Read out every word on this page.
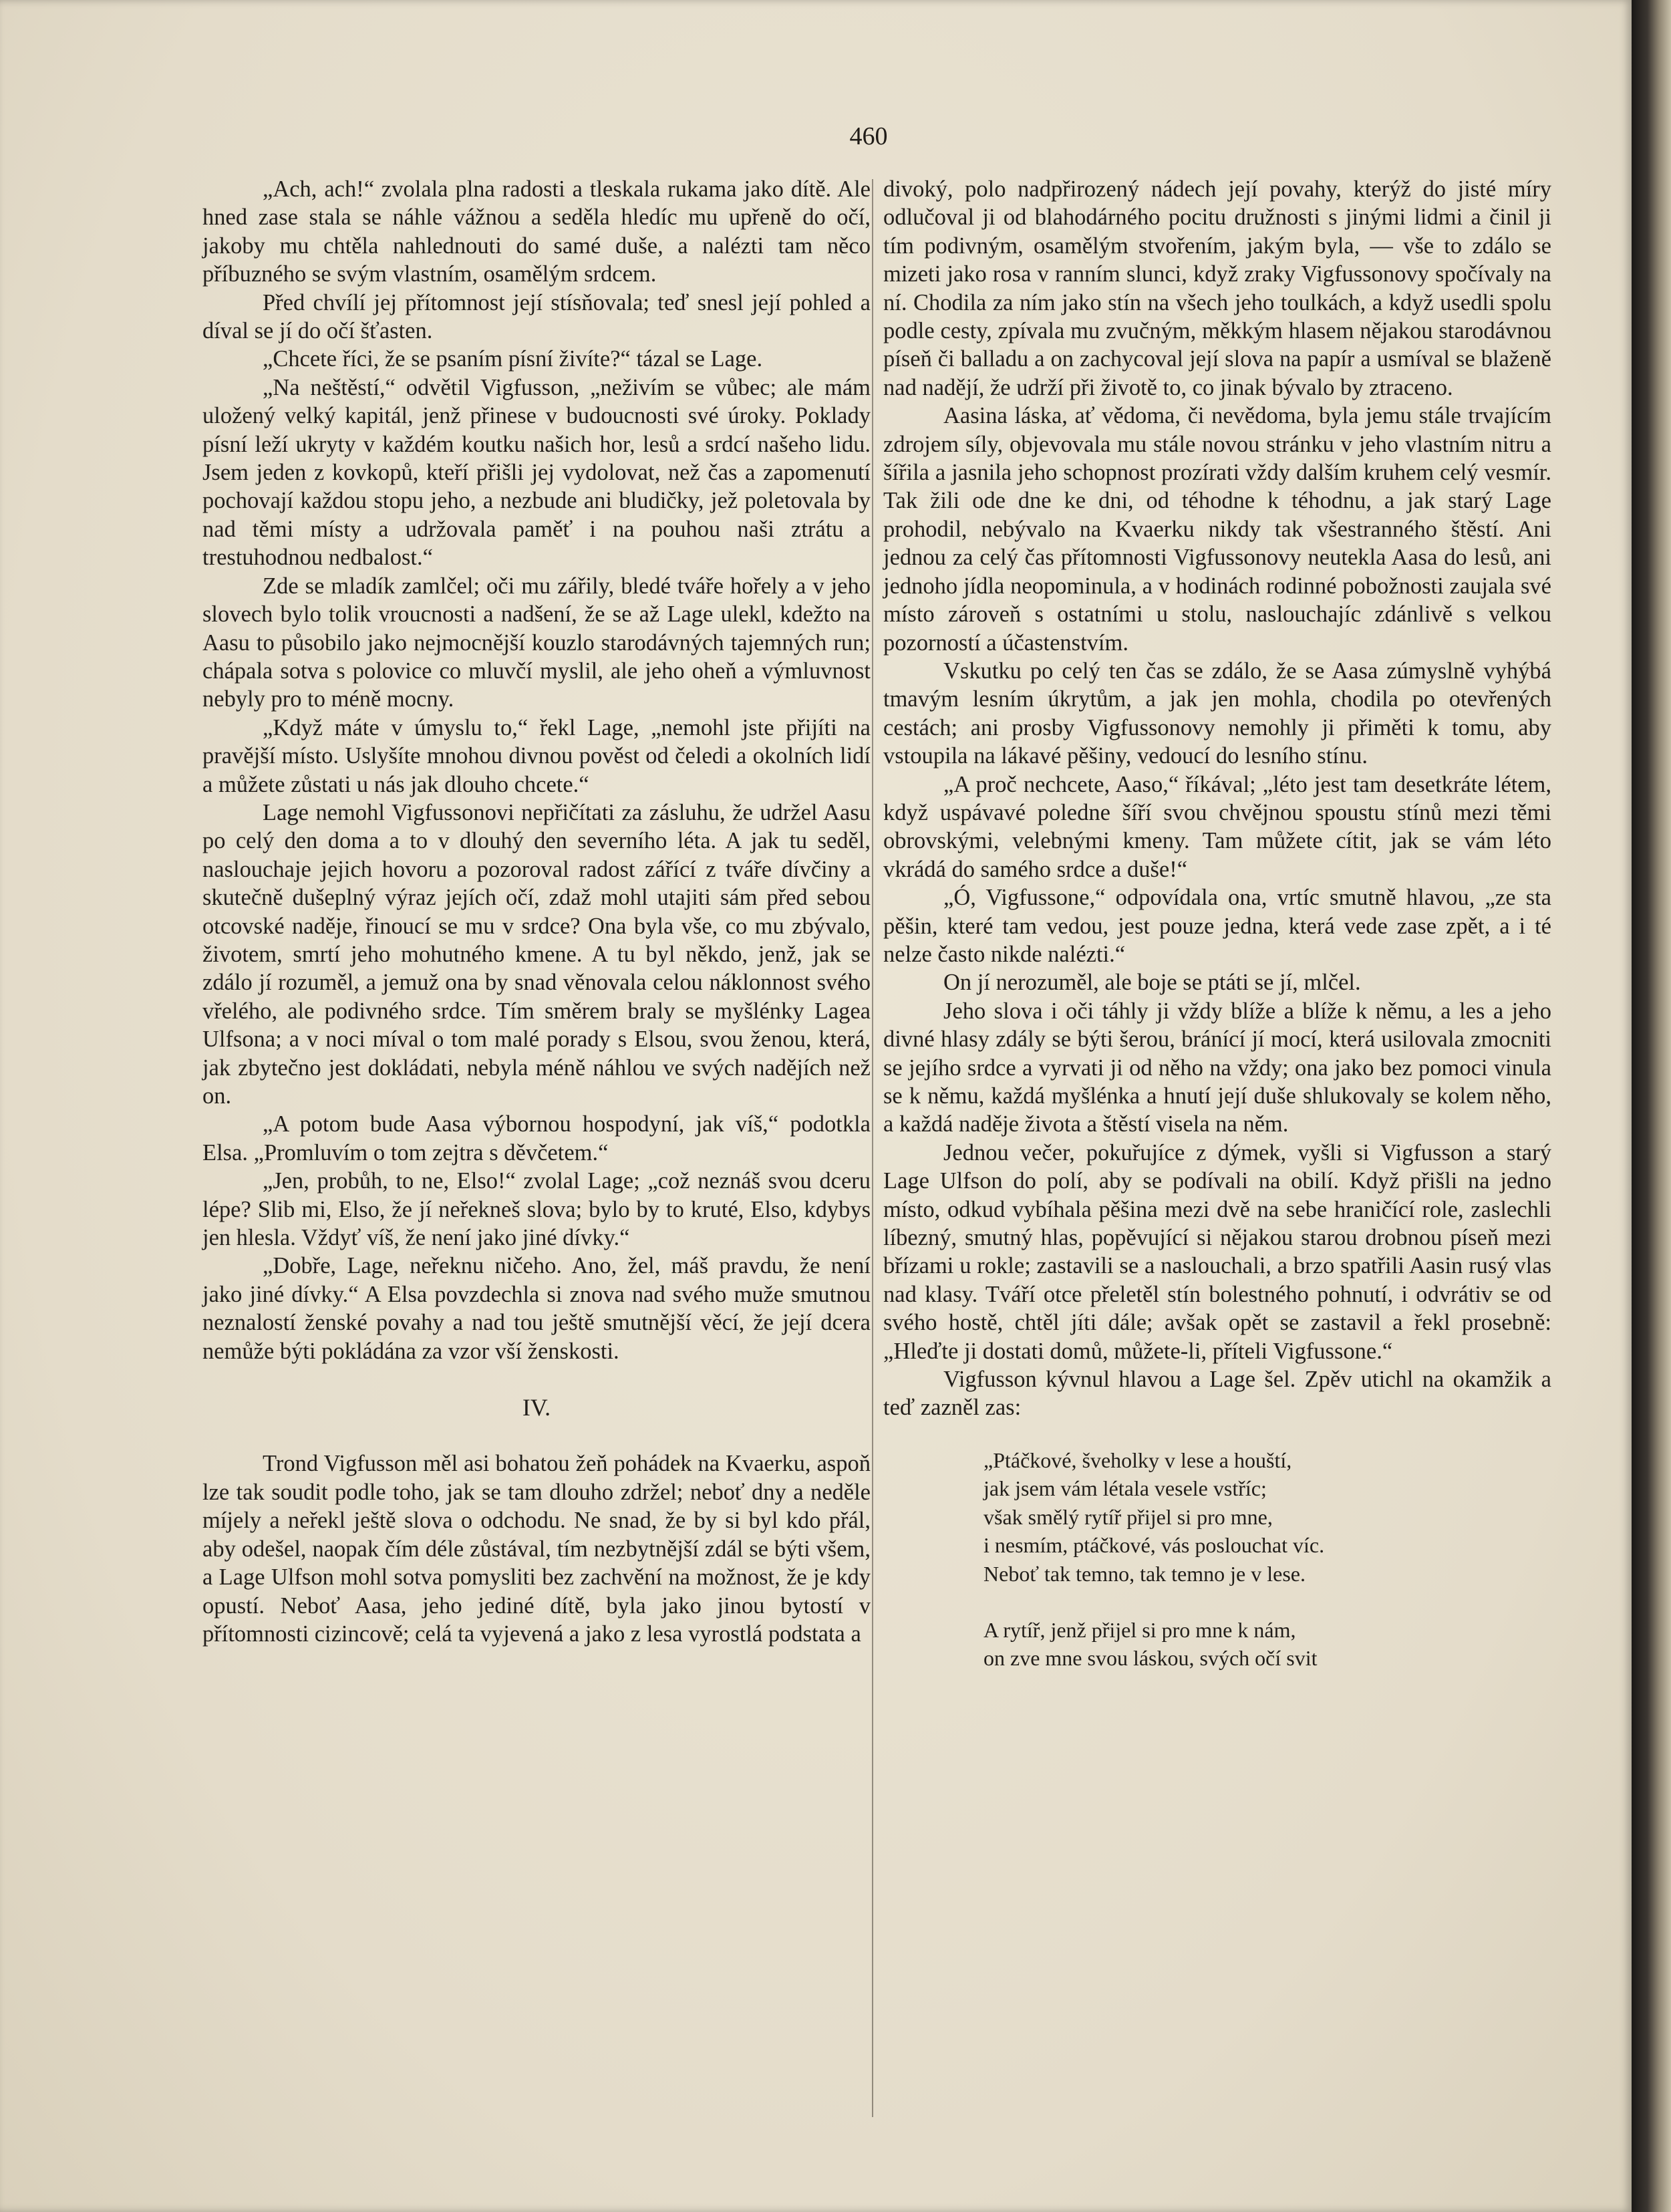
460

„Ach, ach!“ zvolala plna radosti a tleskala rukama jako dítě. Ale hned zase stala se náhle vážnou a seděla hledíc mu upřeně do očí, jakoby mu chtěla nahlednouti do samé duše, a nalézti tam něco příbuzného se svým vlastním, osamělým srdcem.

Před chvílí jej přítomnost její stísňovala; teď snesl její pohled a díval se jí do očí šťasten.

„Chcete říci, že se psaním písní živíte?“ tázal se Lage.

„Na neštěstí,“ odvětil Vigfusson, „neživím se vůbec; ale mám uložený velký kapitál, jenž přinese v budoucnosti své úroky. Poklady písní leží ukryty v každém koutku našich hor, lesů a srdcí našeho lidu. Jsem jeden z kovkopů, kteří přišli jej vydolovat, než čas a zapomenutí pochovají každou stopu jeho, a nezbude ani bludičky, jež poletovala by nad těmi místy a udržovala paměť i na pouhou naši ztrátu a trestuhodnou nedbalost.“

Zde se mladík zamlčel; oči mu zářily, bledé tváře hořely a v jeho slovech bylo tolik vroucnosti a nadšení, že se až Lage ulekl, kdežto na Aasu to působilo jako nejmocnější kouzlo starodávných tajemných run; chápala sotva s polovice co mluvčí myslil, ale jeho oheň a výmluvnost nebyly pro to méně mocny.

„Když máte v úmyslu to,“ řekl Lage, „nemohl jste přijíti na pravější místo. Uslyšíte mnohou divnou pověst od čeledi a okolních lidí a můžete zůstati u nás jak dlouho chcete.“

Lage nemohl Vigfussonovi nepřičítati za zásluhu, že udržel Aasu po celý den doma a to v dlouhý den severního léta. A jak tu seděl, naslouchaje jejich hovoru a pozoroval radost zářící z tváře dívčiny a skutečně dušeplný výraz jejích očí, zdaž mohl utajiti sám před sebou otcovské naděje, řinoucí se mu v srdce? Ona byla vše, co mu zbývalo, životem, smrtí jeho mohutného kmene. A tu byl někdo, jenž, jak se zdálo jí rozuměl, a jemuž ona by snad věnovala celou náklonnost svého vřelého, ale podivného srdce. Tím směrem braly se myšlénky Lagea Ulfsona; a v noci míval o tom malé porady s Elsou, svou ženou, která, jak zbytečno jest dokládati, nebyla méně náhlou ve svých nadějích než on.

„A potom bude Aasa výbornou hospodyní, jak víš,“ podotkla Elsa. „Promluvím o tom zejtra s děvčetem.“

„Jen, probůh, to ne, Elso!“ zvolal Lage; „což neznáš svou dceru lépe? Slib mi, Elso, že jí neřekneš slova; bylo by to kruté, Elso, kdybys jen hlesla. Vždyť víš, že není jako jiné dívky.“

„Dobře, Lage, neřeknu ničeho. Ano, žel, máš pravdu, že není jako jiné dívky.“ A Elsa povzdechla si znova nad svého muže smutnou neznalostí ženské povahy a nad tou ještě smutnější věcí, že její dcera nemůže býti pokládána za vzor vší ženskosti.

IV.

Trond Vigfusson měl asi bohatou žeň pohádek na Kvaerku, aspoň lze tak soudit podle toho, jak se tam dlouho zdržel; neboť dny a neděle míjely a neřekl ještě slova o odchodu. Ne snad, že by si byl kdo přál, aby odešel, naopak čím déle zůstával, tím nezbytnější zdál se býti všem, a Lage Ulfson mohl sotva pomysliti bez zachvění na možnost, že je kdy opustí. Neboť Aasa, jeho jediné dítě, byla jako jinou bytostí v přítomnosti cizincově; celá ta vyjevená a jako z lesa vyrostlá podstata a

divoký, polo nadpřirozený nádech její povahy, kterýž do jisté míry odlučoval ji od blahodárného pocitu družnosti s jinými lidmi a činil ji tím podivným, osamělým stvořením, jakým byla, — vše to zdálo se mizeti jako rosa v ranním slunci, když zraky Vigfussonovy spočívaly na ní. Chodila za ním jako stín na všech jeho toulkách, a když usedli spolu podle cesty, zpívala mu zvučným, měkkým hlasem nějakou starodávnou píseň či balladu a on zachycoval její slova na papír a usmíval se blaženě nad nadějí, že udrží při životě to, co jinak bývalo by ztraceno.

Aasina láska, ať vědoma, či nevědoma, byla jemu stále trvajícím zdrojem síly, objevovala mu stále novou stránku v jeho vlastním nitru a šířila a jasnila jeho schopnost prozírati vždy dalším kruhem celý vesmír. Tak žili ode dne ke dni, od téhodne k téhodnu, a jak starý Lage prohodil, nebývalo na Kvaerku nikdy tak všestranného štěstí. Ani jednou za celý čas přítomnosti Vigfussonovy neutekla Aasa do lesů, ani jednoho jídla neopominula, a v hodinách rodinné pobožnosti zaujala své místo zároveň s ostatními u stolu, naslouchajíc zdánlivě s velkou pozorností a účastenstvím.

Vskutku po celý ten čas se zdálo, že se Aasa zúmyslně vyhýbá tmavým lesním úkrytům, a jak jen mohla, chodila po otevřených cestách; ani prosby Vigfussonovy nemohly ji přiměti k tomu, aby vstoupila na lákavé pěšiny, vedoucí do lesního stínu.

„A proč nechcete, Aaso,“ říkával; „léto jest tam desetkráte létem, když uspávavé poledne šíří svou chvějnou spoustu stínů mezi těmi obrovskými, velebnými kmeny. Tam můžete cítit, jak se vám léto vkrádá do samého srdce a duše!“

„Ó, Vigfussone,“ odpovídala ona, vrtíc smutně hlavou, „ze sta pěšin, které tam vedou, jest pouze jedna, která vede zase zpět, a i té nelze často nikde nalézti.“

On jí nerozuměl, ale boje se ptáti se jí, mlčel.

Jeho slova i oči táhly ji vždy blíže a blíže k němu, a les a jeho divné hlasy zdály se býti šerou, bránící jí mocí, která usilovala zmocniti se jejího srdce a vyrvati ji od něho na vždy; ona jako bez pomoci vinula se k němu, každá myšlénka a hnutí její duše shlukovaly se kolem něho, a každá naděje života a štěstí visela na něm.

Jednou večer, pokuřujíce z dýmek, vyšli si Vigfusson a starý Lage Ulfson do polí, aby se podívali na obilí. Když přišli na jedno místo, odkud vybíhala pěšina mezi dvě na sebe hraničící role, zaslechli líbezný, smutný hlas, popěvující si nějakou starou drobnou píseň mezi břízami u rokle; zastavili se a naslouchali, a brzo spatřili Aasin rusý vlas nad klasy. Tváří otce přeletěl stín bolestného pohnutí, i odvrátiv se od svého hostě, chtěl jíti dále; avšak opět se zastavil a řekl prosebně: „Hleďte ji dostati domů, můžete-li, příteli Vigfussone.“

Vigfusson kývnul hlavou a Lage šel. Zpěv utichl na okamžik a teď zazněl zas:

„Ptáčkové, šveholky v lese a houští,
jak jsem vám létala vesele vstříc;
však smělý rytíř přijel si pro mne,
i nesmím, ptáčkové, vás poslouchat víc.
Neboť tak temno, tak temno je v lese.
A rytíř, jenž přijel si pro mne k nám,
on zve mne svou láskou, svých očí svit
